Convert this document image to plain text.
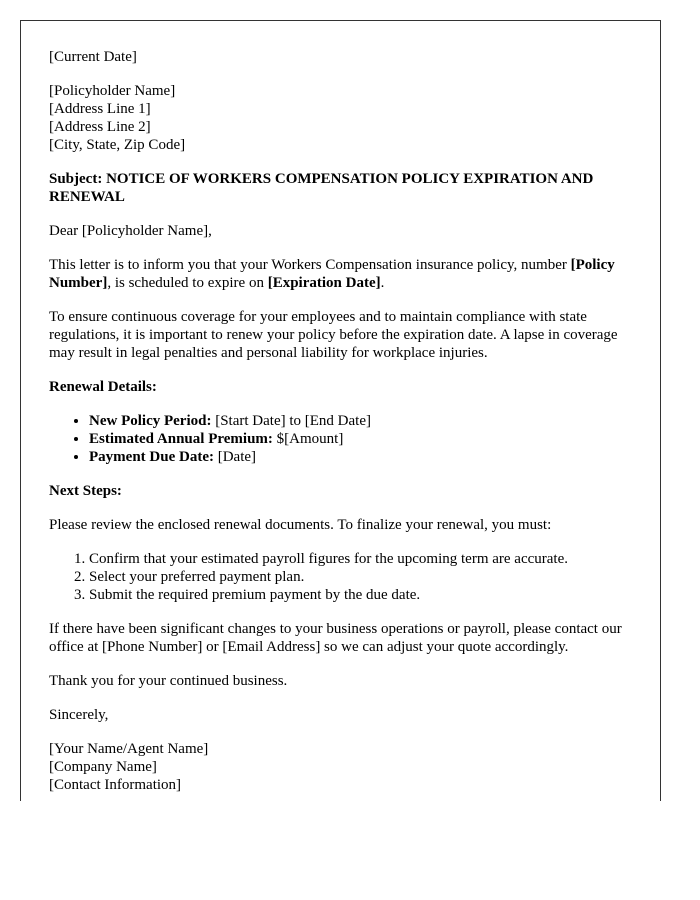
[Current Date]

[Policyholder Name]
[Address Line 1]
[Address Line 2]
[City, State, Zip Code]

Subject: NOTICE OF WORKERS COMPENSATION POLICY EXPIRATION AND RENEWAL

Dear [Policyholder Name],

This letter is to inform you that your Workers Compensation insurance policy, number [Policy Number], is scheduled to expire on [Expiration Date].

To ensure continuous coverage for your employees and to maintain compliance with state regulations, it is important to renew your policy before the expiration date. A lapse in coverage may result in legal penalties and personal liability for workplace injuries.

Renewal Details:

• New Policy Period: [Start Date] to [End Date]
• Estimated Annual Premium: $[Amount]
• Payment Due Date: [Date]

Next Steps:

Please review the enclosed renewal documents. To finalize your renewal, you must:

1. Confirm that your estimated payroll figures for the upcoming term are accurate.
2. Select your preferred payment plan.
3. Submit the required premium payment by the due date.

If there have been significant changes to your business operations or payroll, please contact our office at [Phone Number] or [Email Address] so we can adjust your quote accordingly.

Thank you for your continued business.

Sincerely,

[Your Name/Agent Name]
[Company Name]
[Contact Information]
